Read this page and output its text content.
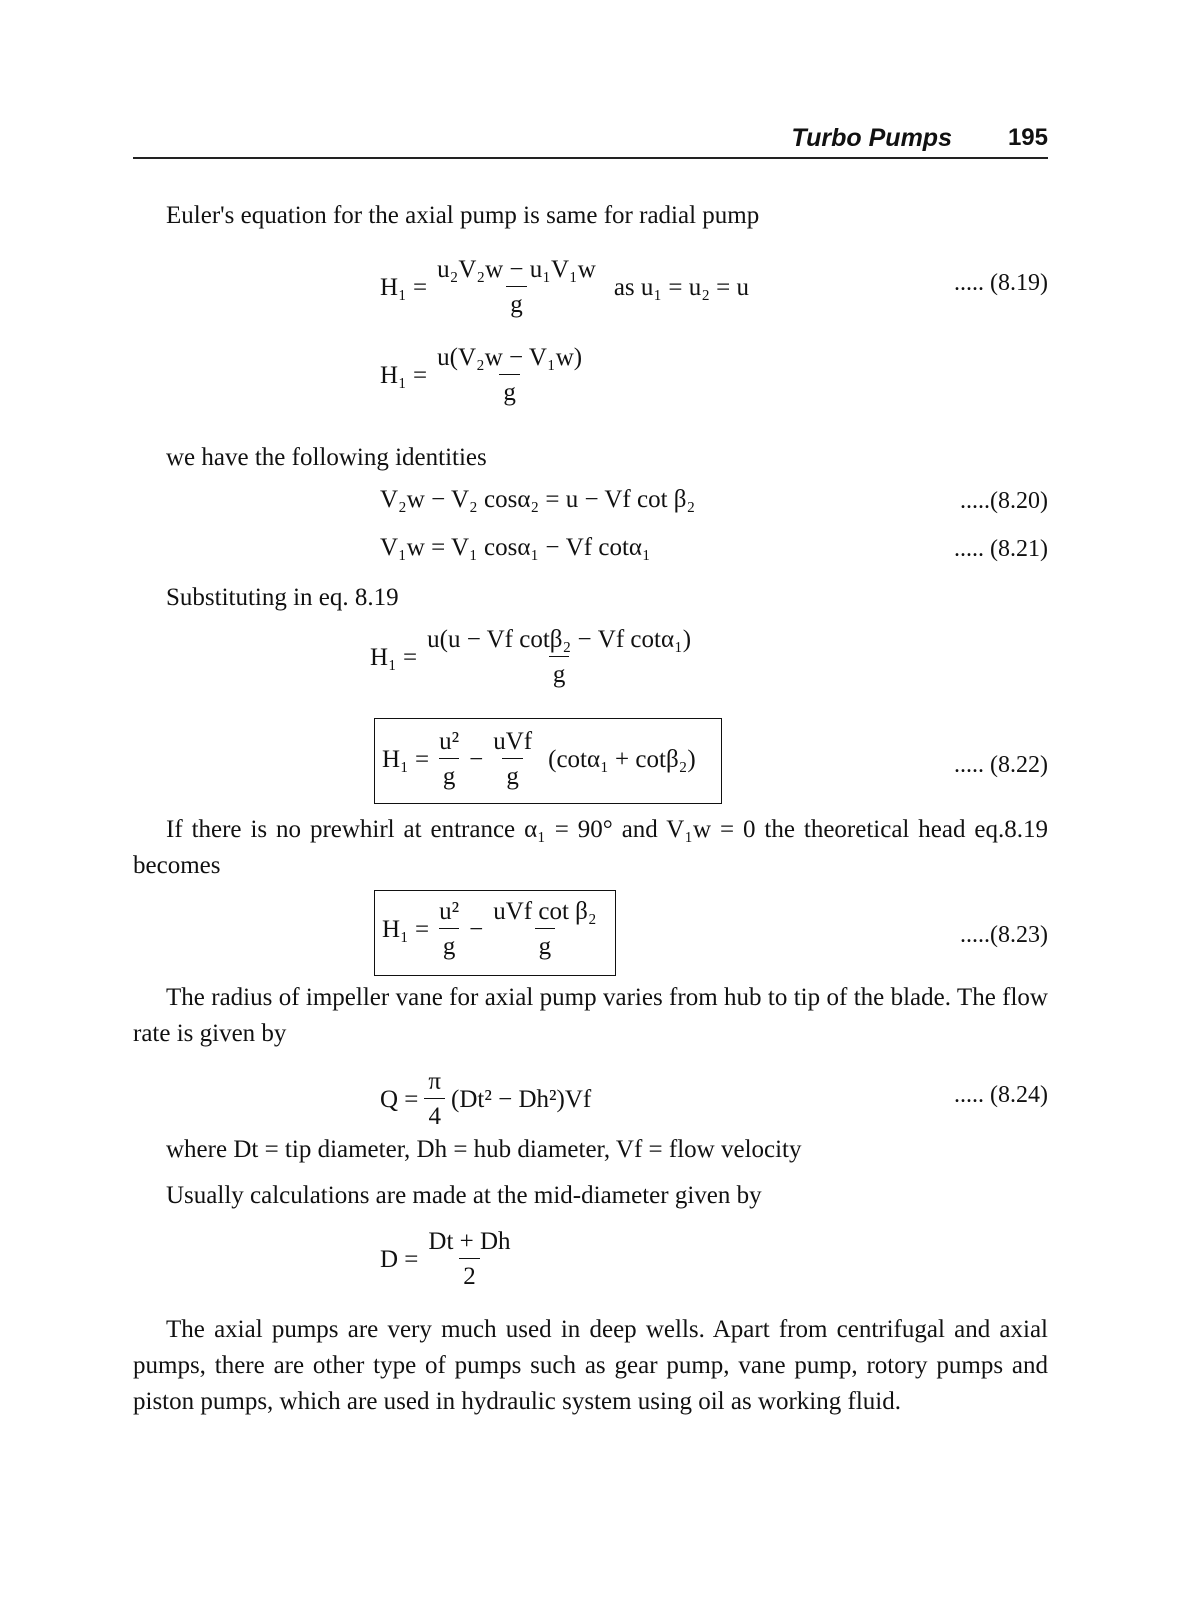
Turbo Pumps 195
Euler's equation for the axial pump is same for radial pump
$H_1 = \frac{\text{u₂V₂w − u₁V₁w}}{g}$ as u₁ = u₂ = u	..... (8.19)
$H_1 = \frac{\text{u(V₂w − V₁w)}}{g}$
we have the following identities
V₂w − V₂ cosα₂ = u − Vf cot β₂	.....(8.20)
V₁w = V₁ cosα₁ − Vf cotα₁	..... (8.21)
Substituting in eq. 8.19
$H_1 = \frac{\text{u(u − Vf cotβ₂ − Vf cotα₁)}}{g}$
$H_1 = \frac{\text{u²}}{g} - \frac{\text{uVf}}{g} (\cot\alpha_1 + \cot\beta_2)$	..... (8.22)
If there is no prewhirl at entrance α₁ = 90° and V₁w = 0 the theoretical head eq.8.19 becomes
$H_1 = \frac{\text{u²}}{g} - \frac{\text{uVf cot β₂}}{g}$	.....(8.23)
The radius of impeller vane for axial pump varies from hub to tip of the blade. The flow rate is given by
$Q = \frac{\pi}{4} (Dt^2 - Dh^2)Vf$	..... (8.24)
where Dt = tip diameter, Dh = hub diameter, Vf = flow velocity
Usually calculations are made at the mid-diameter given by
$D = \frac{Dt + Dh}{2}$
The axial pumps are very much used in deep wells. Apart from centrifugal and axial pumps, there are other type of pumps such as gear pump, vane pump, rotory pumps and piston pumps, which are used in hydraulic system using oil as working fluid.
